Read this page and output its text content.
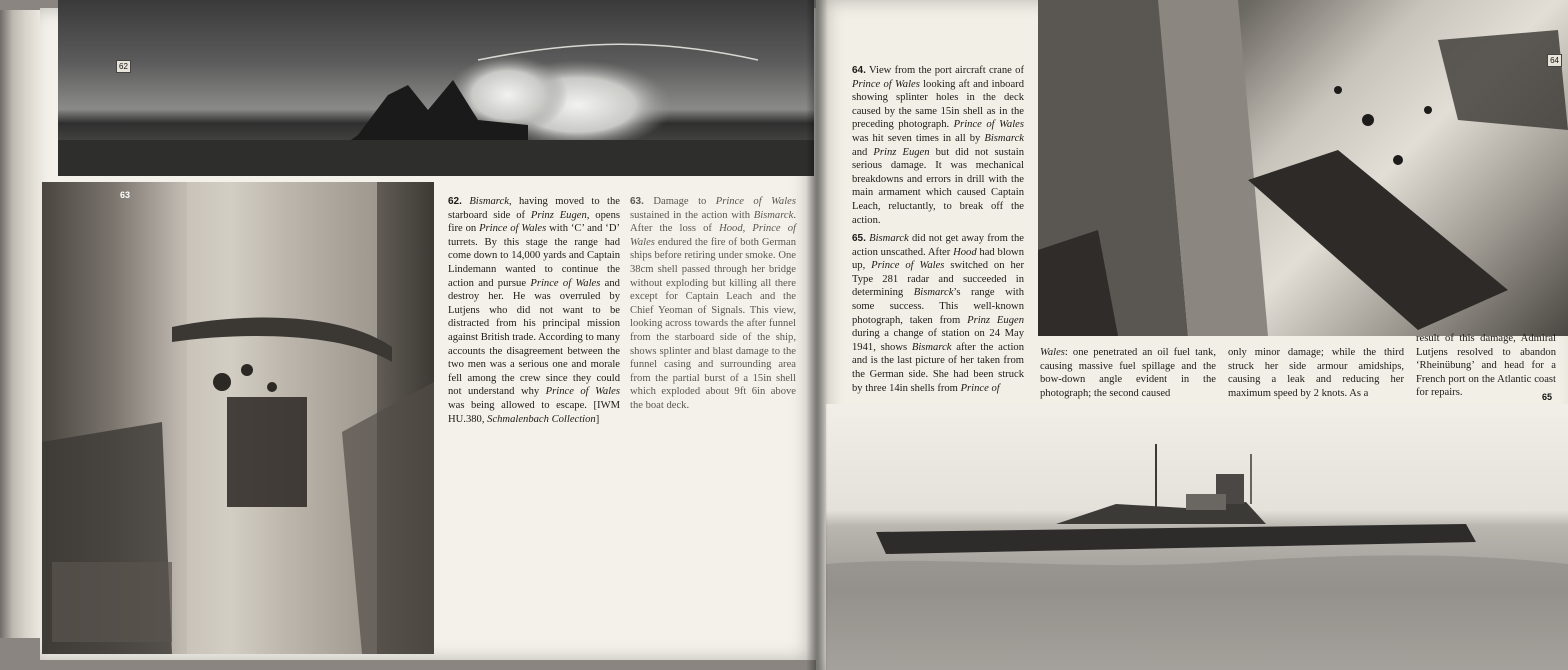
62
63
62. Bismarck, having moved to the starboard side of Prinz Eugen, opens fire on Prince of Wales with ‘C’ and ‘D’ turrets. By this stage the range had come down to 14,000 yards and Captain Lindemann wanted to continue the action and pursue Prince of Wales and destroy her. He was overruled by Lutjens who did not want to be distracted from his principal mission against British trade. According to many accounts the disagreement between the two men was a serious one and morale fell among the crew since they could not understand why Prince of Wales was being allowed to escape. [IWM HU.380, Schmalenbach Collection]
63. Damage to Prince of Wales sustained in the action with Bismarck. After the loss of Hood, Prince of Wales endured the fire of both German ships before retiring under smoke. One 38cm shell passed through her bridge without exploding but killing all there except for Captain Leach and the Chief Yeoman of Signals. This view, looking across towards the after funnel from the starboard side of the ship, shows splinter and blast damage to the funnel casing and surrounding area from the partial burst of a 15in shell which exploded about 9ft 6in above the boat deck.
64
64. View from the port aircraft crane of Prince of Wales looking aft and inboard showing splinter holes in the deck caused by the same 15in shell as in the preceding photograph. Prince of Wales was hit seven times in all by Bismarck and Prinz Eugen but did not sustain serious damage. It was mechanical breakdowns and errors in drill with the main armament which caused Captain Leach, reluctantly, to break off the action.
65. Bismarck did not get away from the action unscathed. After Hood had blown up, Prince of Wales switched on her Type 281 radar and succeeded in determining Bismarck’s range with some success. This well-known photograph, taken from Prinz Eugen during a change of station on 24 May 1941, shows Bismarck after the action and is the last picture of her taken from the German side. She had been struck by three 14in shells from Prince of
Wales: one penetrated an oil fuel tank, causing massive fuel spillage and the bow-down angle evident in the photograph; the second caused
only minor damage; while the third struck her side armour amidships, causing a leak and reducing her maximum speed by 2 knots. As a
result of this damage, Admiral Lutjens resolved to abandon ‘Rheinübung’ and head for a French port on the Atlantic coast for repairs.	65
